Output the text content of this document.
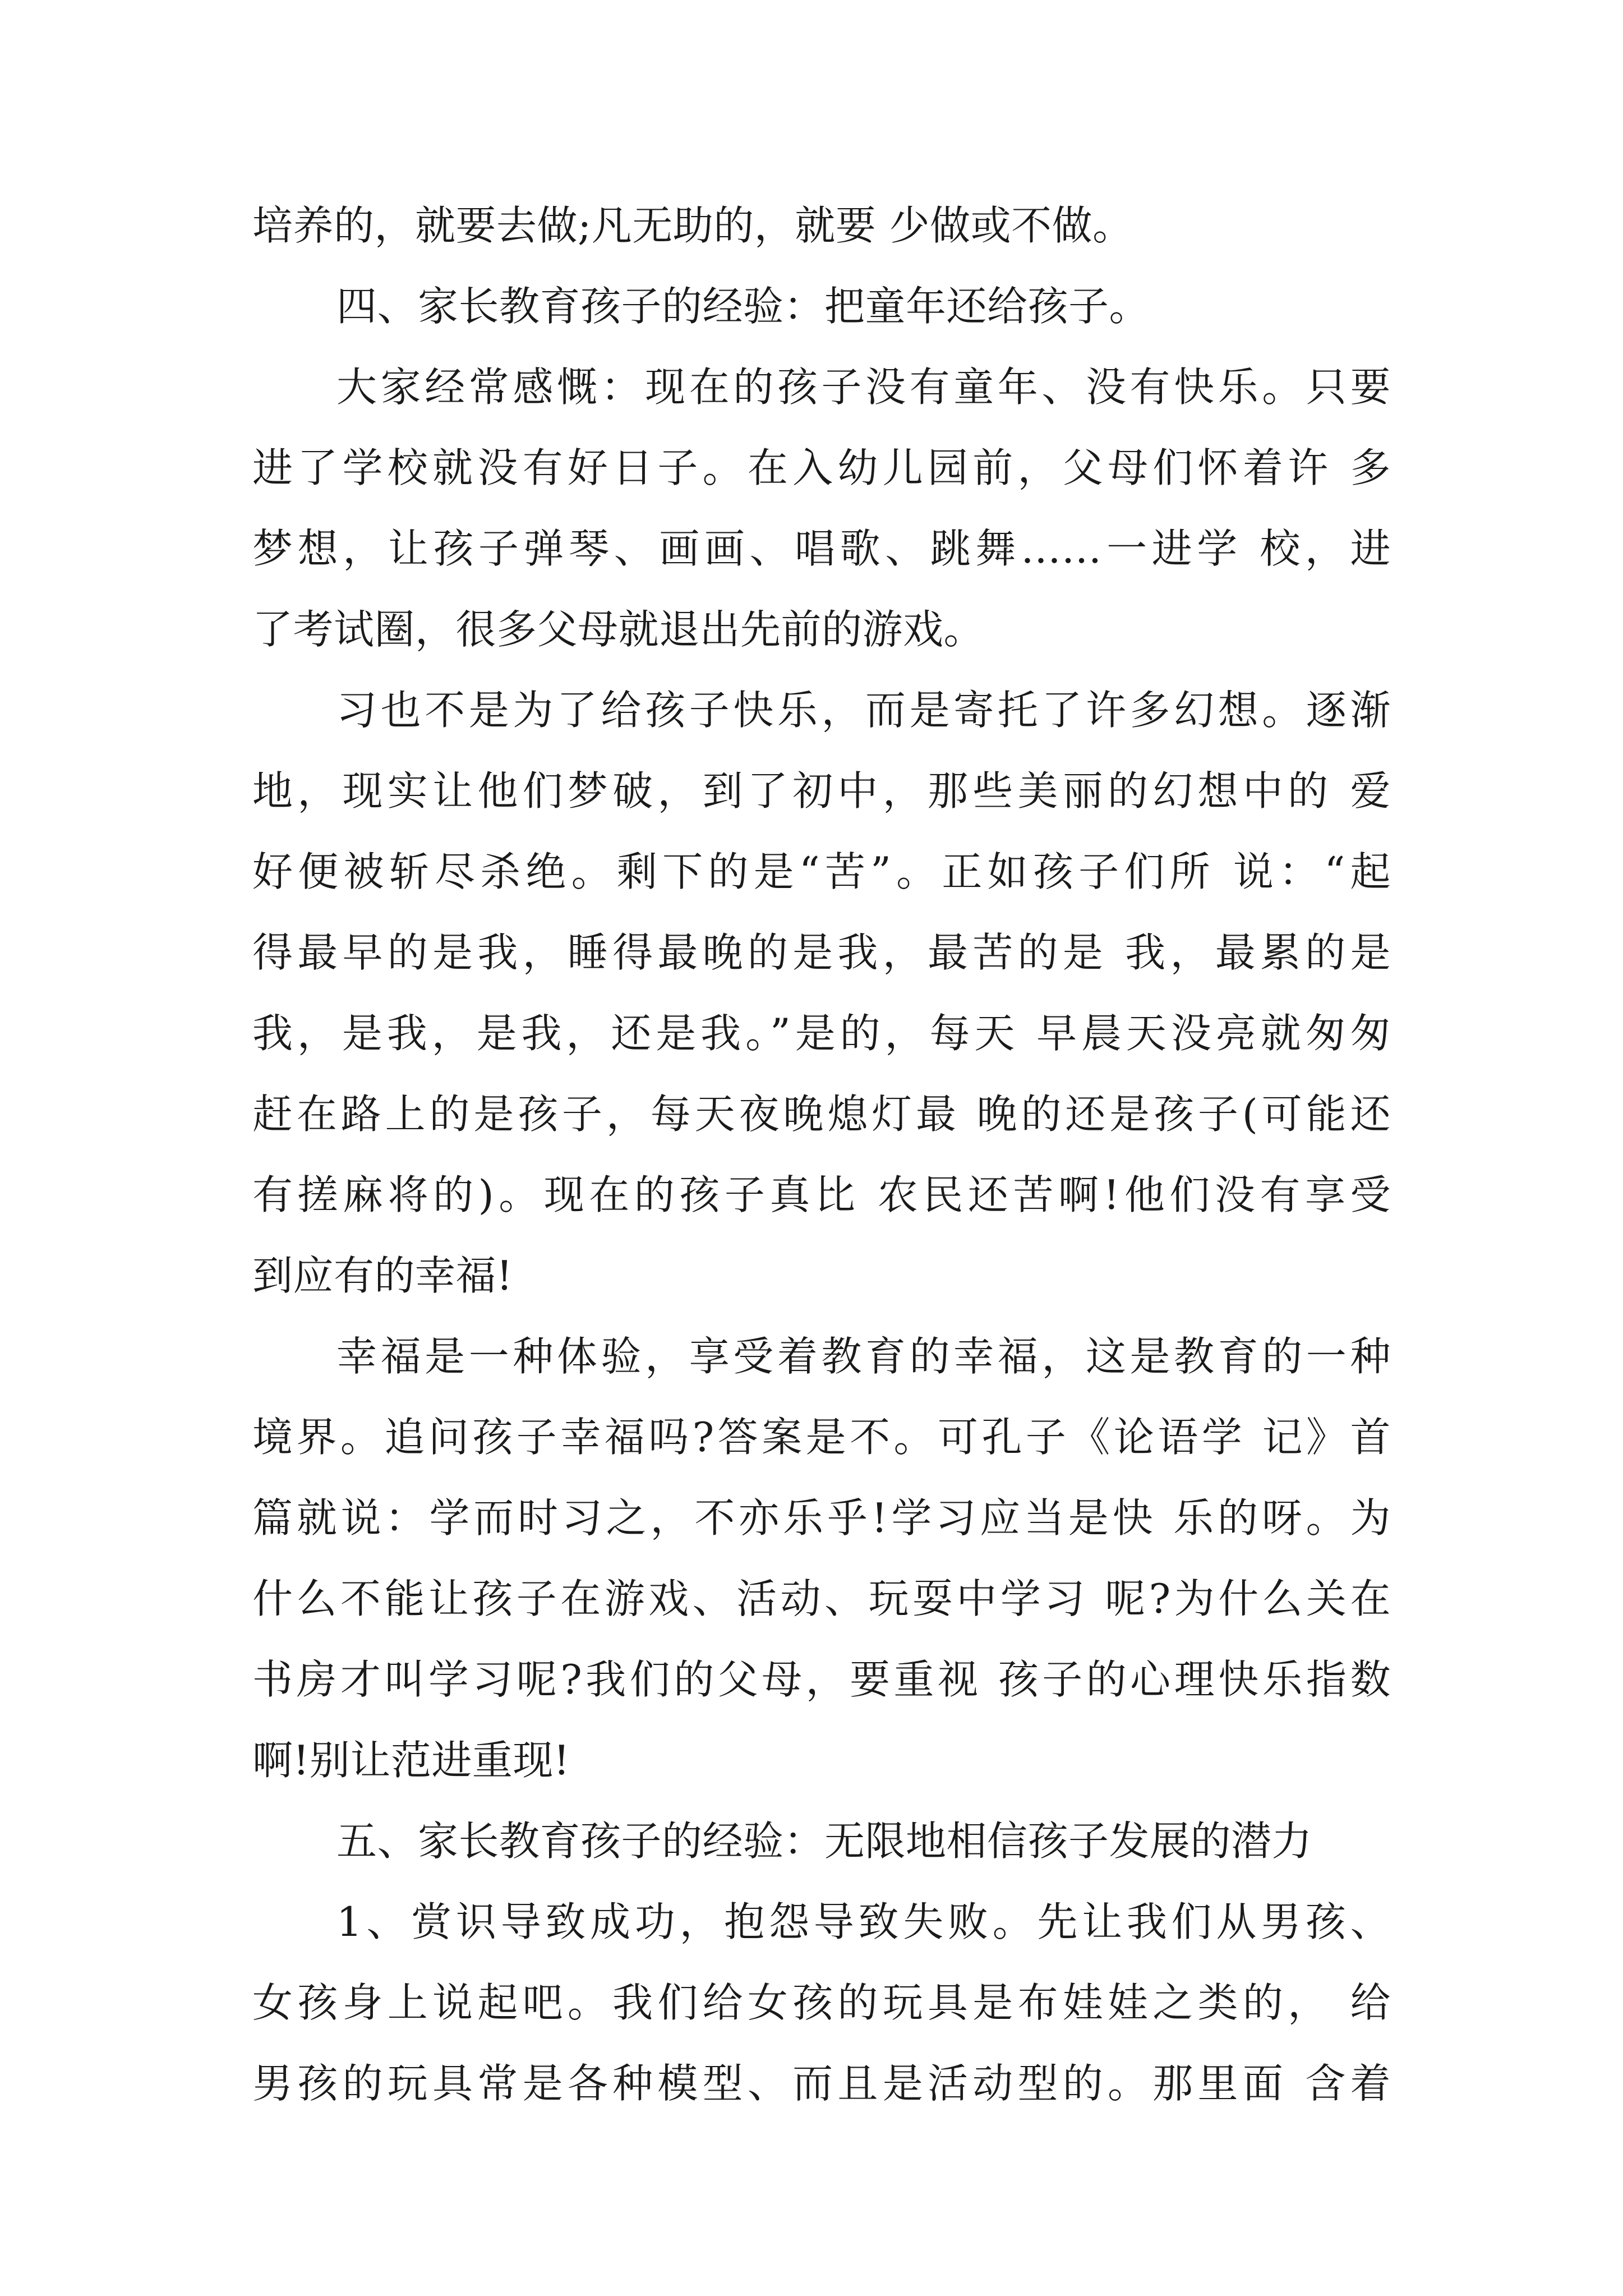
培养的，就要去做;凡无助的，就要 少做或不做。
四、家长教育孩子的经验：把童年还给孩子。
大家经常感慨：现在的孩子没有童年、没有快乐。只要
进了学校就没有好日子。在入幼儿园前，父母们怀着许 多
梦想，让孩子弹琴、画画、唱歌、跳舞……一进学 校，进
了考试圈，很多父母就退出先前的游戏。
习也不是为了给孩子快乐，而是寄托了许多幻想。逐渐
地，现实让他们梦破，到了初中，那些美丽的幻想中的 爱
好便被斩尽杀绝。剩下的是“苦”。正如孩子们所 说：“起
得最早的是我，睡得最晚的是我，最苦的是 我，最累的是
我，是我，是我，还是我。”是的，每天 早晨天没亮就匆匆
赶在路上的是孩子，每天夜晚熄灯最 晚的还是孩子(可能还
有搓麻将的)。现在的孩子真比 农民还苦啊!他们没有享受
到应有的幸福!
幸福是一种体验，享受着教育的幸福，这是教育的一种
境界。追问孩子幸福吗?答案是不。可孔子《论语学 记》首
篇就说：学而时习之，不亦乐乎!学习应当是快 乐的呀。为
什么不能让孩子在游戏、活动、玩耍中学习 呢?为什么关在
书房才叫学习呢?我们的父母，要重视 孩子的心理快乐指数
啊!别让范进重现!
五、家长教育孩子的经验：无限地相信孩子发展的潜力
1、赏识导致成功，抱怨导致失败。先让我们从男孩、
女孩身上说起吧。我们给女孩的玩具是布娃娃之类的， 给
男孩的玩具常是各种模型、而且是活动型的。那里面 含着
